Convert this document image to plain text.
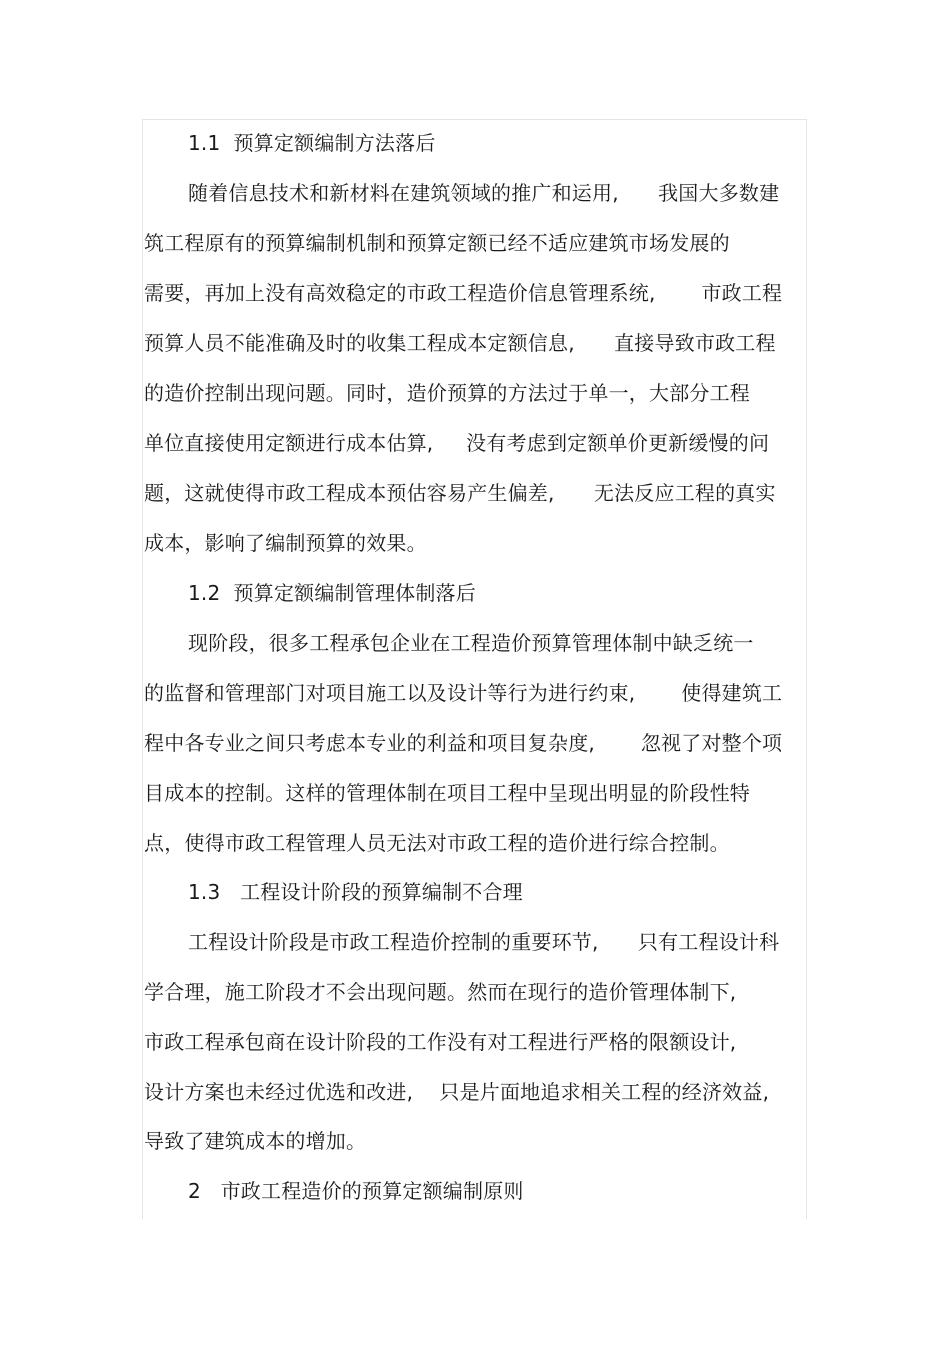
1.1  预算定额编制方法落后
随着信息技术和新材料在建筑领域的推广和运用,      我国大多数建
筑工程原有的预算编制机制和预算定额已经不适应建筑市场发展的
需要，再加上没有高效稳定的市政工程造价信息管理系统,       市政工程
预算人员不能准确及时的收集工程成本定额信息,      直接导致市政工程
的造价控制出现问题。同时，造价预算的方法过于单一，大部分工程
单位直接使用定额进行成本估算,     没有考虑到定额单价更新缓慢的问
题，这就使得市政工程成本预估容易产生偏差,      无法反应工程的真实
成本，影响了编制预算的效果。
1.2  预算定额编制管理体制落后
现阶段，很多工程承包企业在工程造价预算管理体制中缺乏统一
的监督和管理部门对项目施工以及设计等行为进行约束,       使得建筑工
程中各专业之间只考虑本专业的利益和项目复杂度,       忽视了对整个项
目成本的控制。这样的管理体制在项目工程中呈现出明显的阶段性特
点，使得市政工程管理人员无法对市政工程的造价进行综合控制。
1.3   工程设计阶段的预算编制不合理
工程设计阶段是市政工程造价控制的重要环节,      只有工程设计科
学合理，施工阶段才不会出现问题。然而在现行的造价管理体制下,
市政工程承包商在设计阶段的工作没有对工程进行严格的限额设计,
设计方案也未经过优选和改进,    只是片面地追求相关工程的经济效益,
导致了建筑成本的增加。
2   市政工程造价的预算定额编制原则
